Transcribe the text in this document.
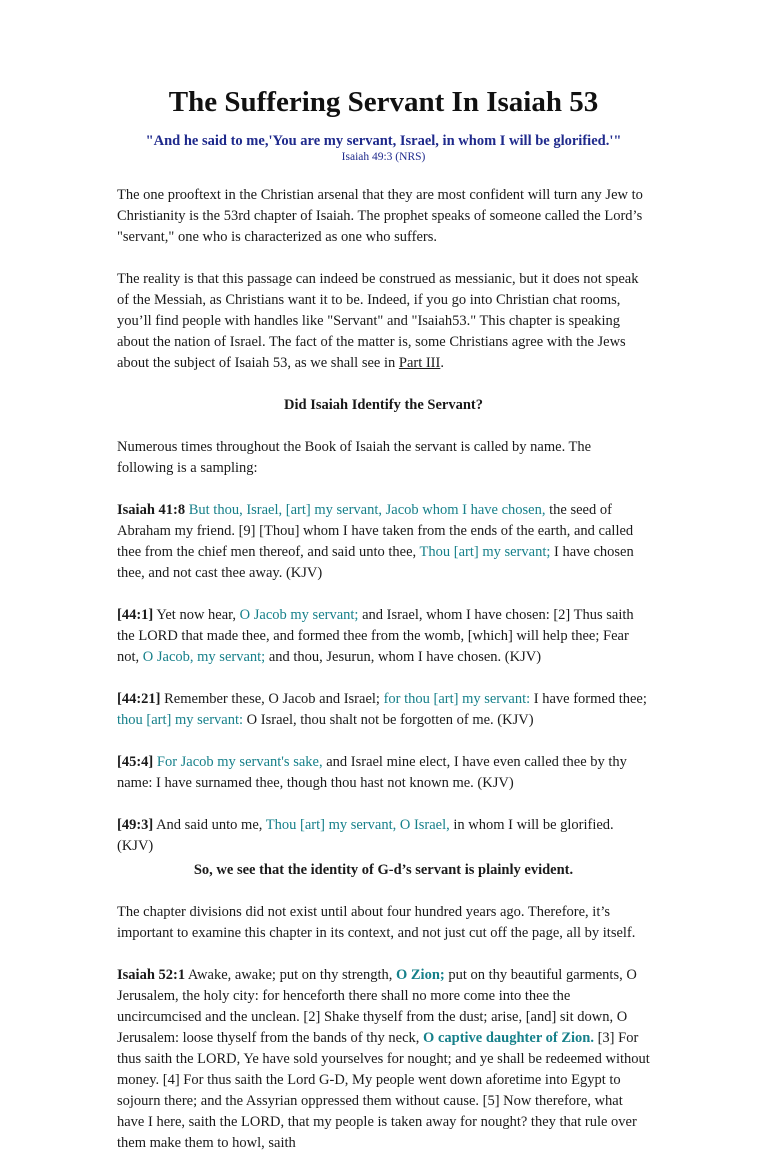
The Suffering Servant In Isaiah 53
"And he said to me,'You are my servant, Israel, in whom I will be glorified.'"
Isaiah 49:3 (NRS)

The one prooftext in the Christian arsenal that they are most confident will turn any Jew to Christianity is the 53rd chapter of Isaiah. The prophet speaks of someone called the Lord’s "servant," one who is characterized as one who suffers.

The reality is that this passage can indeed be construed as messianic, but it does not speak of the Messiah, as Christians want it to be. Indeed, if you go into Christian chat rooms, you’ll find people with handles like "Servant" and "Isaiah53." This chapter is speaking about the nation of Israel. The fact of the matter is, some Christians agree with the Jews about the subject of Isaiah 53, as we shall see in Part III.

Did Isaiah Identify the Servant?

Numerous times throughout the Book of Isaiah the servant is called by name. The following is a sampling:

Isaiah 41:8 But thou, Israel, [art] my servant, Jacob whom I have chosen, the seed of Abraham my friend. [9] [Thou] whom I have taken from the ends of the earth, and called thee from the chief men thereof, and said unto thee, Thou [art] my servant; I have chosen thee, and not cast thee away. (KJV)

[44:1] Yet now hear, O Jacob my servant; and Israel, whom I have chosen: [2] Thus saith the LORD that made thee, and formed thee from the womb, [which] will help thee; Fear not, O Jacob, my servant; and thou, Jesurun, whom I have chosen. (KJV)

[44:21] Remember these, O Jacob and Israel; for thou [art] my servant: I have formed thee; thou [art] my servant: O Israel, thou shalt not be forgotten of me. (KJV)

[45:4] For Jacob my servant's sake, and Israel mine elect, I have even called thee by thy name: I have surnamed thee, though thou hast not known me. (KJV)

[49:3] And said unto me, Thou [art] my servant, O Israel, in whom I will be glorified. (KJV)

So, we see that the identity of G-d’s servant is plainly evident.

The chapter divisions did not exist until about four hundred years ago. Therefore, it’s important to examine this chapter in its context, and not just cut off the page, all by itself.

Isaiah 52:1 Awake, awake; put on thy strength, O Zion; put on thy beautiful garments, O Jerusalem, the holy city: for henceforth there shall no more come into thee the uncircumcised and the unclean. [2] Shake thyself from the dust; arise, [and] sit down, O Jerusalem: loose thyself from the bands of thy neck, O captive daughter of Zion. [3] For thus saith the LORD, Ye have sold yourselves for nought; and ye shall be redeemed without money. [4] For thus saith the Lord G-D, My people went down aforetime into Egypt to sojourn there; and the Assyrian oppressed them without cause. [5] Now therefore, what have I here, saith the LORD, that my people is taken away for nought? they that rule over them make them to howl, saith
